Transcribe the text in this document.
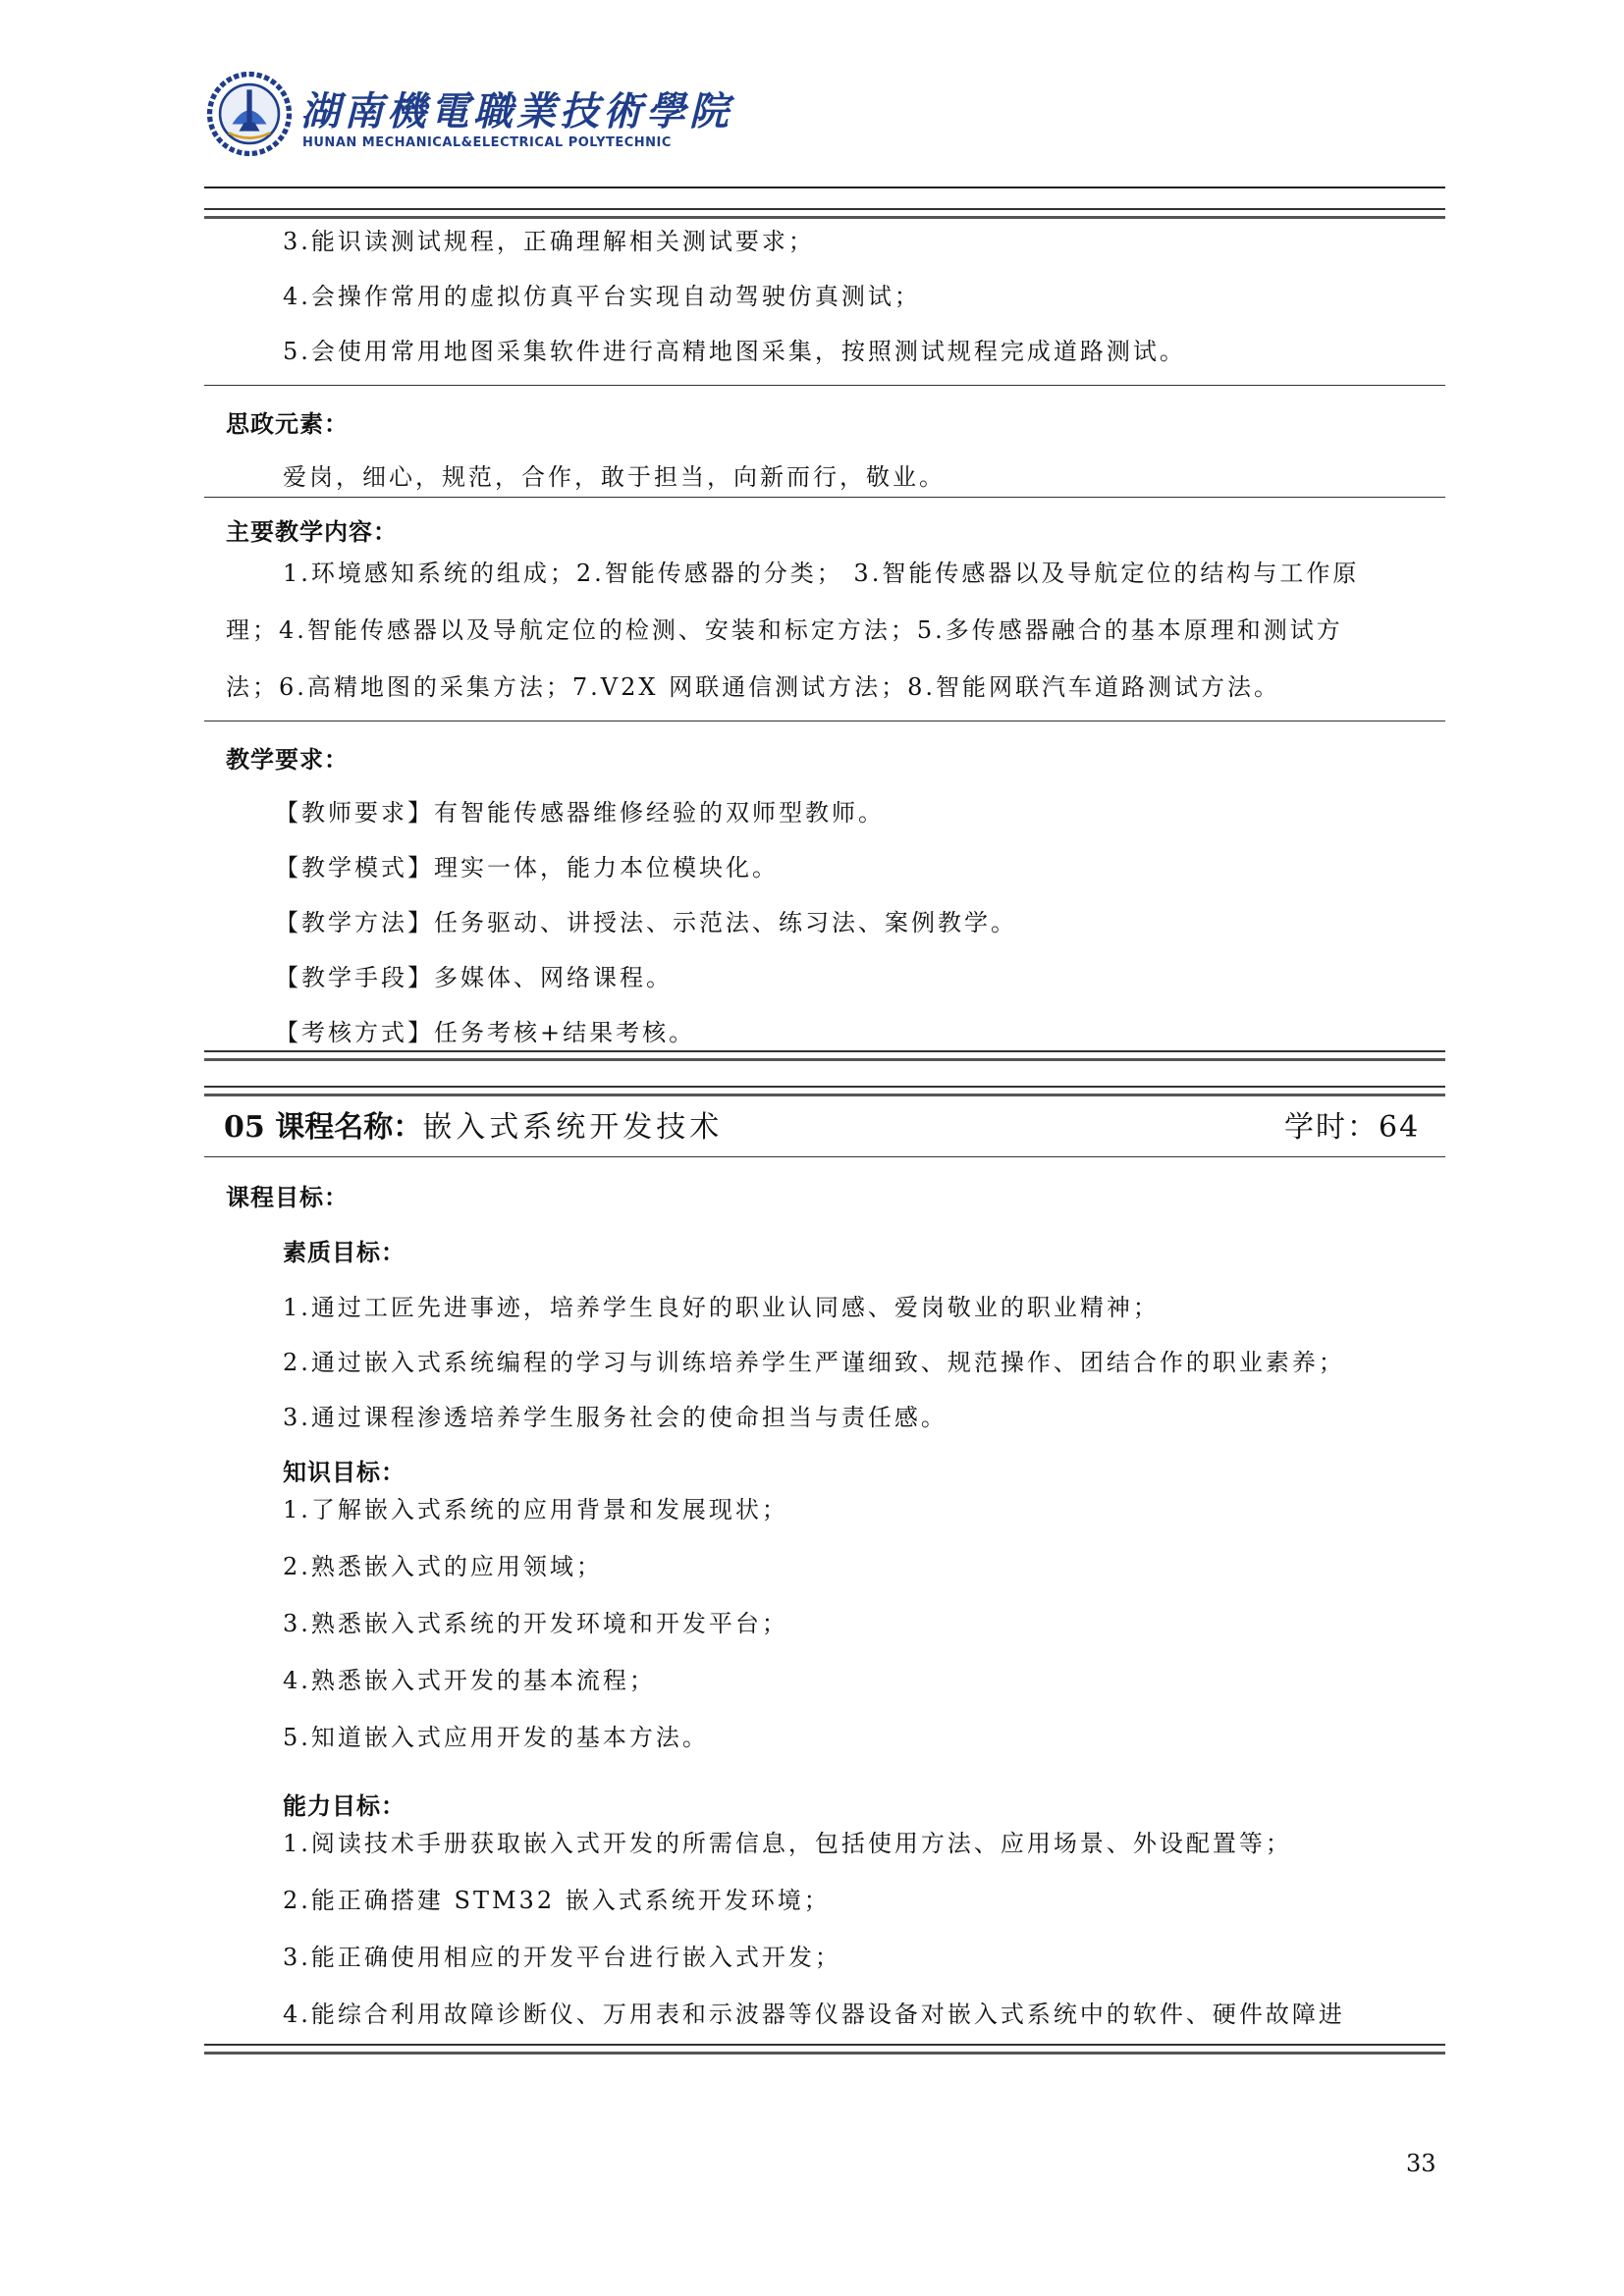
湖南機電職業技術學院
HUNAN MECHANICAL&ELECTRICAL POLYTECHNIC
3.能识读测试规程，正确理解相关测试要求；
4.会操作常用的虚拟仿真平台实现自动驾驶仿真测试；
5.会使用常用地图采集软件进行高精地图采集，按照测试规程完成道路测试。
思政元素：
爱岗，细心，规范，合作，敢于担当，向新而行，敬业。
主要教学内容：
1.环境感知系统的组成；2.智能传感器的分类； 3.智能传感器以及导航定位的结构与工作原
理；4.智能传感器以及导航定位的检测、安装和标定方法；5.多传感器融合的基本原理和测试方
法；6.高精地图的采集方法；7.V2X 网联通信测试方法；8.智能网联汽车道路测试方法。
教学要求：
【教师要求】有智能传感器维修经验的双师型教师。
【教学模式】理实一体，能力本位模块化。
【教学方法】任务驱动、讲授法、示范法、练习法、案例教学。
【教学手段】多媒体、网络课程。
【考核方式】任务考核+结果考核。
05 课程名称：嵌入式系统开发技术	学时：64
课程目标：
素质目标：
1.通过工匠先进事迹，培养学生良好的职业认同感、爱岗敬业的职业精神；
2.通过嵌入式系统编程的学习与训练培养学生严谨细致、规范操作、团结合作的职业素养；
3.通过课程渗透培养学生服务社会的使命担当与责任感。
知识目标：
1.了解嵌入式系统的应用背景和发展现状；
2.熟悉嵌入式的应用领域；
3.熟悉嵌入式系统的开发环境和开发平台；
4.熟悉嵌入式开发的基本流程；
5.知道嵌入式应用开发的基本方法。
能力目标：
1.阅读技术手册获取嵌入式开发的所需信息，包括使用方法、应用场景、外设配置等；
2.能正确搭建 STM32 嵌入式系统开发环境；
3.能正确使用相应的开发平台进行嵌入式开发；
4.能综合利用故障诊断仪、万用表和示波器等仪器设备对嵌入式系统中的软件、硬件故障进
33
